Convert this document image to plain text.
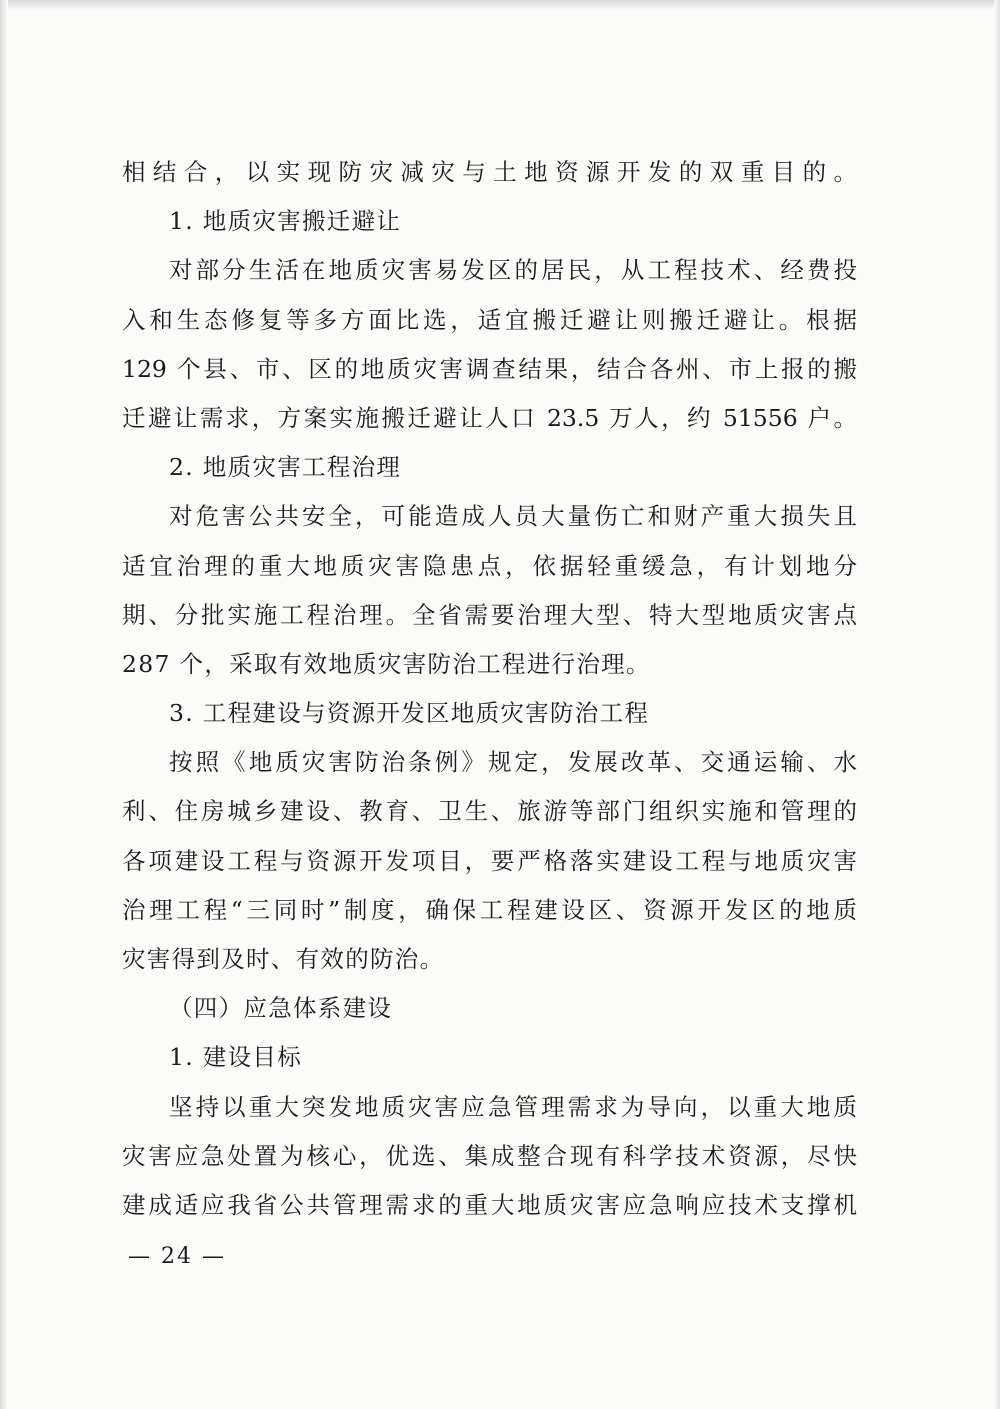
相结合，以实现防灾减灾与土地资源开发的双重目的。
1. 地质灾害搬迁避让
对部分生活在地质灾害易发区的居民，从工程技术、经费投
入和生态修复等多方面比选，适宜搬迁避让则搬迁避让。根据
129 个县、市、区的地质灾害调查结果，结合各州、市上报的搬
迁避让需求，方案实施搬迁避让人口 23.5 万人，约 51556 户。
2. 地质灾害工程治理
对危害公共安全，可能造成人员大量伤亡和财产重大损失且
适宜治理的重大地质灾害隐患点，依据轻重缓急，有计划地分
期、分批实施工程治理。全省需要治理大型、特大型地质灾害点
287 个，采取有效地质灾害防治工程进行治理。
3. 工程建设与资源开发区地质灾害防治工程
按照《地质灾害防治条例》规定，发展改革、交通运输、水
利、住房城乡建设、教育、卫生、旅游等部门组织实施和管理的
各项建设工程与资源开发项目，要严格落实建设工程与地质灾害
治理工程“三同时”制度，确保工程建设区、资源开发区的地质
灾害得到及时、有效的防治。
（四）应急体系建设
1. 建设目标
坚持以重大突发地质灾害应急管理需求为导向，以重大地质
灾害应急处置为核心，优选、集成整合现有科学技术资源，尽快
建成适应我省公共管理需求的重大地质灾害应急响应技术支撑机
— 24 —
